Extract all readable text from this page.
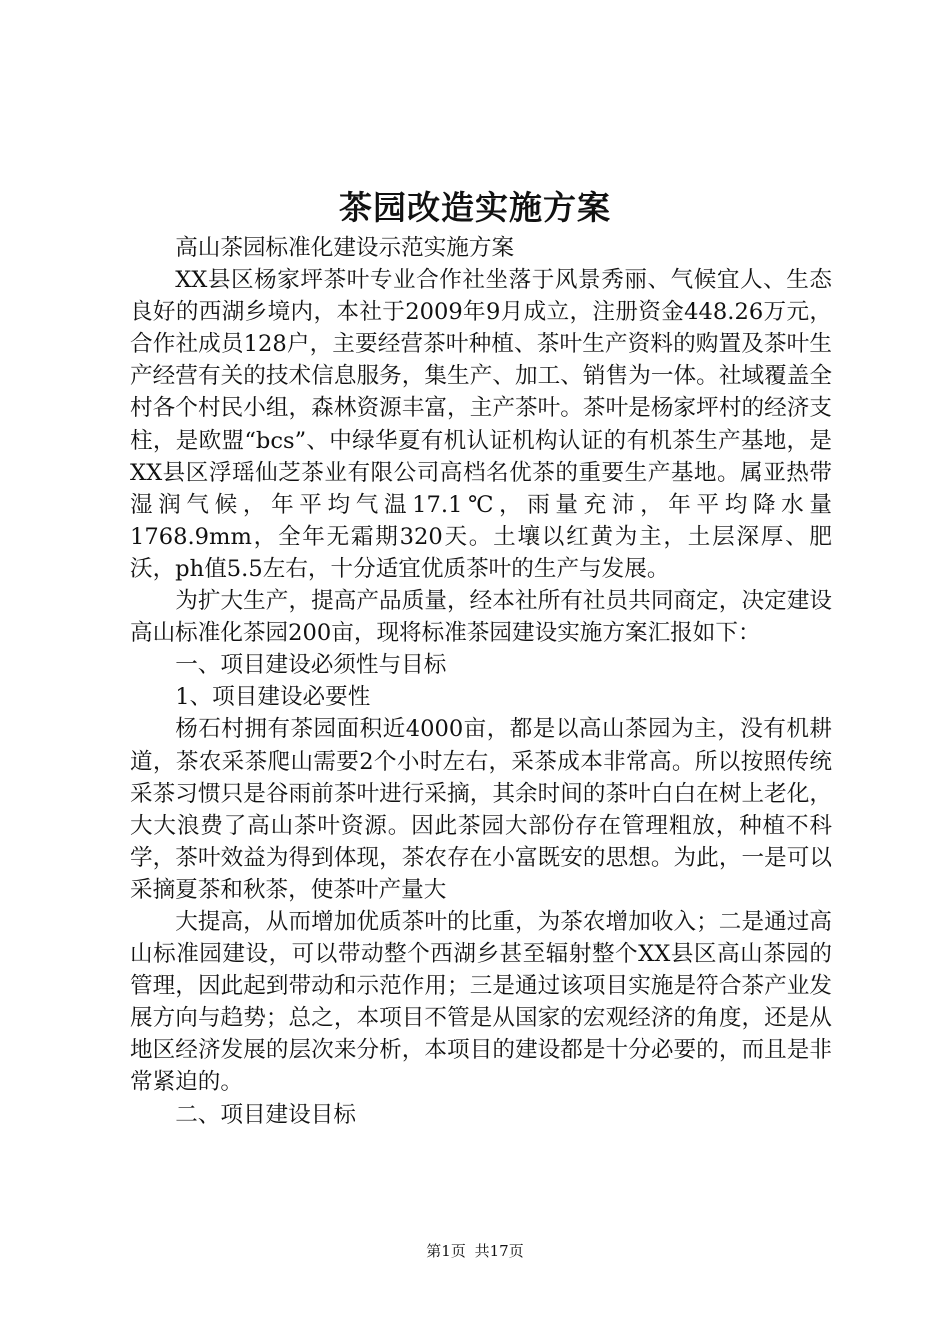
茶园改造实施方案

高山茶园标准化建设示范实施方案

XX县区杨家坪茶叶专业合作社坐落于风景秀丽、气候宜人、生态良好的西湖乡境内，本社于2009年9月成立，注册资金448.26万元，合作社成员128户，主要经营茶叶种植、茶叶生产资料的购置及茶叶生产经营有关的技术信息服务，集生产、加工、销售为一体。社域覆盖全村各个村民小组，森林资源丰富，主产茶叶。茶叶是杨家坪村的经济支柱，是欧盟“bcs”、中绿华夏有机认证机构认证的有机茶生产基地，是XX县区浮瑶仙芝茶业有限公司高档名优茶的重要生产基地。属亚热带湿润气候，年平均气温17.1℃，雨量充沛，年平均降水量1768.9mm，全年无霜期320天。土壤以红黄为主，土层深厚、肥沃，ph值5.5左右，十分适宜优质茶叶的生产与发展。

为扩大生产，提高产品质量，经本社所有社员共同商定，决定建设高山标准化茶园200亩，现将标准茶园建设实施方案汇报如下：

一、项目建设必须性与目标

1、项目建设必要性

杨石村拥有茶园面积近4000亩，都是以高山茶园为主，没有机耕道，茶农采茶爬山需要2个小时左右，采茶成本非常高。所以按照传统采茶习惯只是谷雨前茶叶进行采摘，其余时间的茶叶白白在树上老化，大大浪费了高山茶叶资源。因此茶园大部份存在管理粗放，种植不科学，茶叶效益为得到体现，茶农存在小富既安的思想。为此，一是可以采摘夏茶和秋茶，使茶叶产量大

大提高，从而增加优质茶叶的比重，为茶农增加收入；二是通过高山标准园建设，可以带动整个西湖乡甚至辐射整个XX县区高山茶园的管理，因此起到带动和示范作用；三是通过该项目实施是符合茶产业发展方向与趋势；总之，本项目不管是从国家的宏观经济的角度，还是从地区经济发展的层次来分析，本项目的建设都是十分必要的，而且是非常紧迫的。

二、项目建设目标

第1页 共17页
